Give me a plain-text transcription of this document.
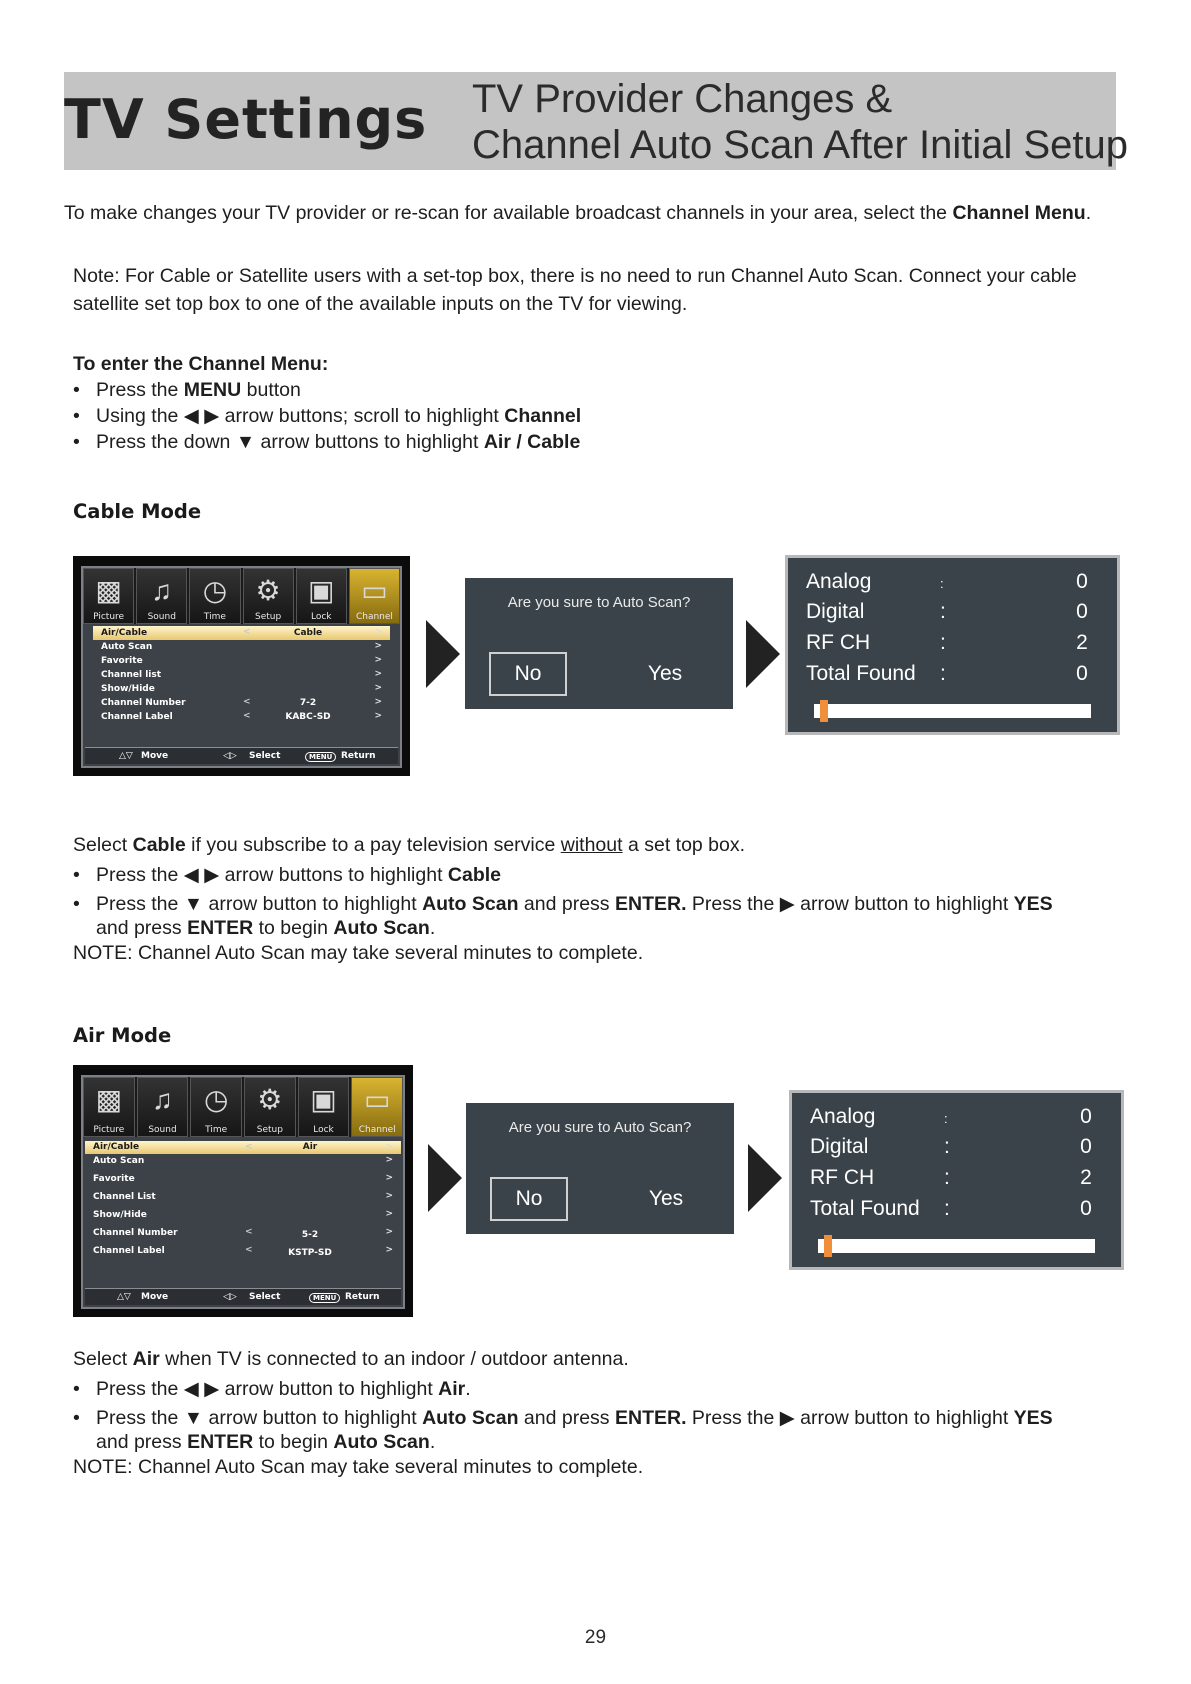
TV Settings TV Provider Changes &
Channel Auto Scan After Initial Setup
To make changes your TV provider or re-scan for available broadcast channels in your area, select the Channel Menu.
Note: For Cable or Satellite users with a set-top box, there is no need to run Channel Auto Scan. Connect your cable
satellite set top box to one of the available inputs on the TV for viewing.
To enter the Channel Menu:
• Press the MENU button
• Using the ◀ ▶ arrow buttons; scroll to highlight Channel
• Press the down ▼ arrow buttons to highlight Air / Cable
Cable Mode
▩
Picture
♫
Sound
◷
Time
⚙
Setup
▣
Lock
▭
Channel
Air/Cable	<	Cable	>
Auto Scan	>
Favorite	>
Channel list	>
Show/Hide	>
Channel Number	<	7-2	>
Channel Label	<	KABC-SD	>
△▽ Move	◁▷ Select	MENU Return
Are you sure to Auto Scan?
No	Yes
Analog	:	0
Digital	:	0
RF CH	:	2
Total Found :	0
Select Cable if you subscribe to a pay television service without a set top box.
• Press the ◀ ▶ arrow buttons to highlight Cable
• Press the ▼ arrow button to highlight Auto Scan and press ENTER. Press the ▶ arrow button to highlight YES
and press ENTER to begin Auto Scan.
NOTE: Channel Auto Scan may take several minutes to complete.
Air Mode
▩
Picture
♫
Sound
◷
Time
⚙
Setup
▣
Lock
▭
Channel
Air/Cable	<	Air	>
Auto Scan	>
Favorite	>
Channel List	>
Show/Hide	>
Channel Number	<	5-2	>
Channel Label	<	KSTP-SD	>
△▽ Move	◁▷ Select	MENU Return
Are you sure to Auto Scan?
No	Yes
Analog	:	0
Digital	:	0
RF CH	:	2
Total Found :	0
Select Air when TV is connected to an indoor / outdoor antenna.
• Press the ◀ ▶ arrow button to highlight Air.
• Press the ▼ arrow button to highlight Auto Scan and press ENTER. Press the ▶ arrow button to highlight YES
and press ENTER to begin Auto Scan.
NOTE: Channel Auto Scan may take several minutes to complete.
29
